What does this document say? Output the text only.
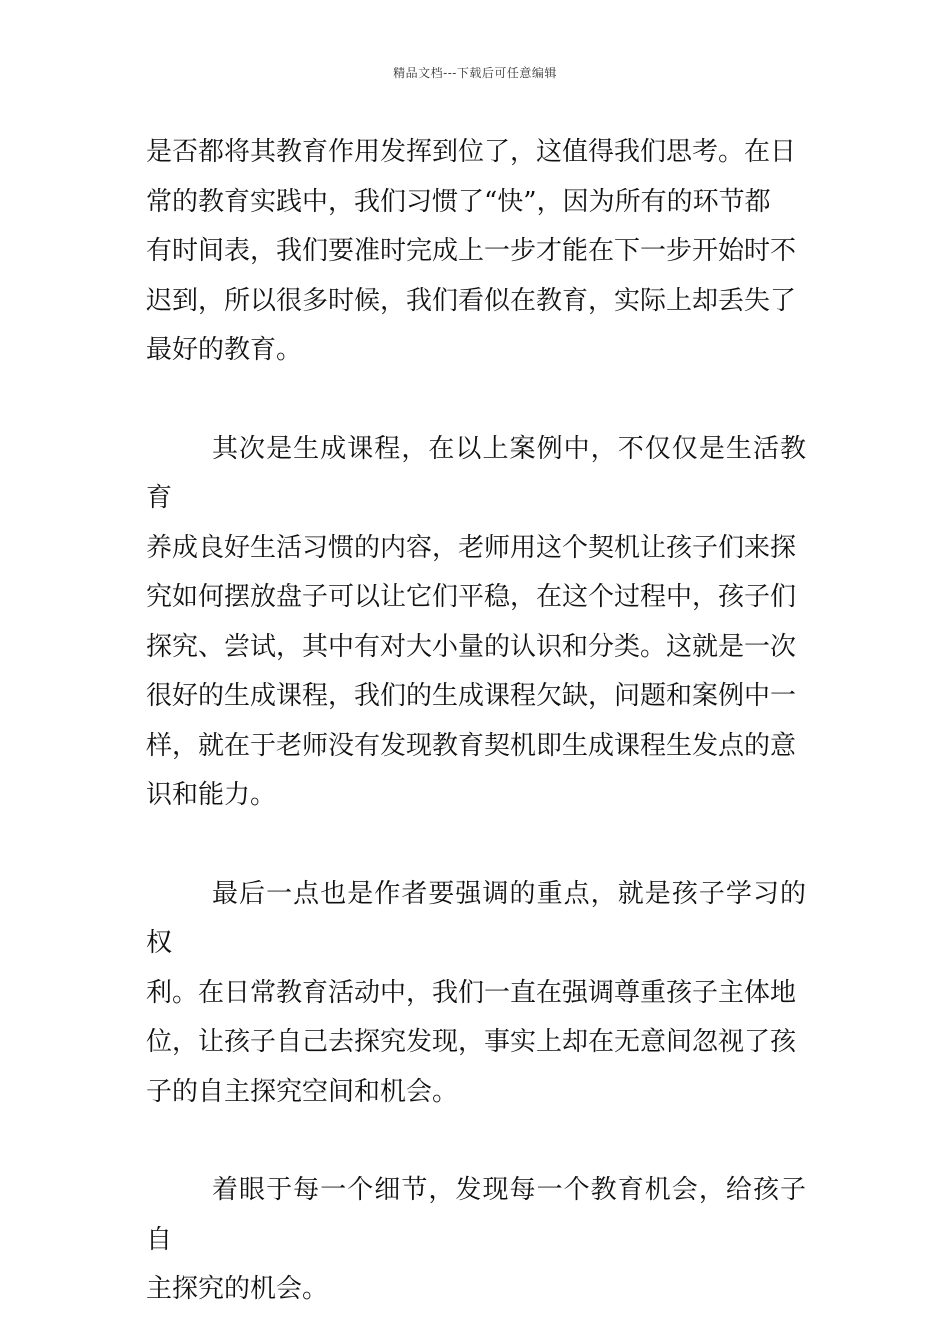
精品文档---下载后可任意编辑
是否都将其教育作用发挥到位了，这值得我们思考。在日
常的教育实践中，我们习惯了“快”，因为所有的环节都
有时间表，我们要准时完成上一步才能在下一步开始时不
迟到，所以很多时候，我们看似在教育，实际上却丢失了
最好的教育。
其次是生成课程，在以上案例中，不仅仅是生活教育
养成良好生活习惯的内容，老师用这个契机让孩子们来探
究如何摆放盘子可以让它们平稳，在这个过程中，孩子们
探究、尝试，其中有对大小量的认识和分类。这就是一次
很好的生成课程，我们的生成课程欠缺，问题和案例中一
样，就在于老师没有发现教育契机即生成课程生发点的意
识和能力。
最后一点也是作者要强调的重点，就是孩子学习的权
利。在日常教育活动中，我们一直在强调尊重孩子主体地
位，让孩子自己去探究发现，事实上却在无意间忽视了孩
子的自主探究空间和机会。
着眼于每一个细节，发现每一个教育机会，给孩子自
主探究的机会。
